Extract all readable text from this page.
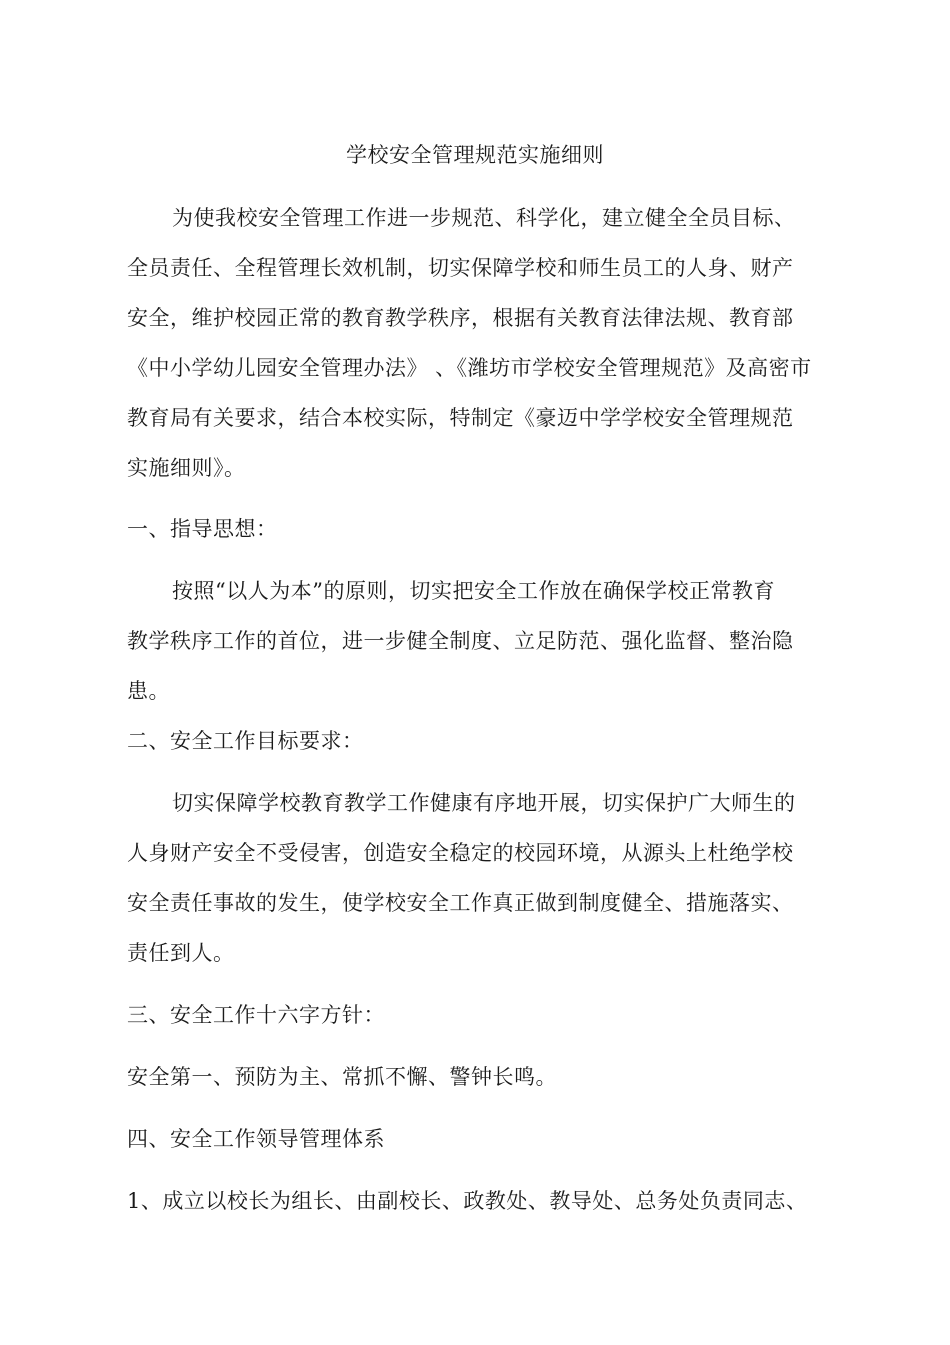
学校安全管理规范实施细则
为使我校安全管理工作进一步规范、科学化，建立健全全员目标、
全员责任、全程管理长效机制，切实保障学校和师生员工的人身、财产
安全，维护校园正常的教育教学秩序，根据有关教育法律法规、教育部
《中小学幼儿园安全管理办法》 、《潍坊市学校安全管理规范》及高密市
教育局有关要求，结合本校实际，特制定《豪迈中学学校安全管理规范
实施细则》。
一、指导思想：
按照“以人为本”的原则，切实把安全工作放在确保学校正常教育
教学秩序工作的首位，进一步健全制度、立足防范、强化监督、整治隐
患。
二、安全工作目标要求：
切实保障学校教育教学工作健康有序地开展，切实保护广大师生的
人身财产安全不受侵害，创造安全稳定的校园环境，从源头上杜绝学校
安全责任事故的发生，使学校安全工作真正做到制度健全、措施落实、
责任到人。
三、安全工作十六字方针：
安全第一、预防为主、常抓不懈、警钟长鸣。
四、安全工作领导管理体系
1、成立以校长为组长、由副校长、政教处、教导处、总务处负责同志、
